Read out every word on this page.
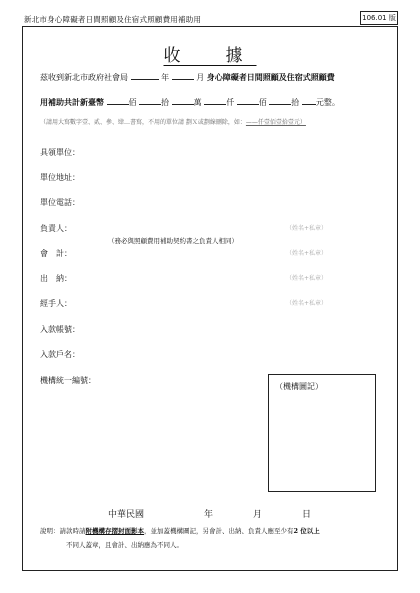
新北市身心障礙者日間照顧及住宿式照顧費用補助用	106.01 版
收　據
茲收到新北市政府社會局	年	月 身心障礙者日間照顧及住宿式照顧費
用補助共計新臺幣	佰	拾	萬	仟	佰	拾 元整。
（請用大寫數字壹、貳、參、肆…書寫，不用的單位請 劃Ｘ或劃線刪除，如：——仟壹佰壹拾壹元）
具領單位：
單位地址：
單位電話：
負責人：	（姓名+私章）
（務必與照顧費用補助契約書之負責人相同）
會　計：	（姓名+私章）
出　納：	（姓名+私章）
經手人：	（姓名+私章）
入款帳號：
入款戶名：
機構統一編號：
（機構圖記）
中華民國	年	月	日
說明：請款時請附機構存摺封面影本，並加蓋機構圖記，另會計、出納、負責人應至少有2 位以上
不同人蓋章，且會計、出納應為不同人。
